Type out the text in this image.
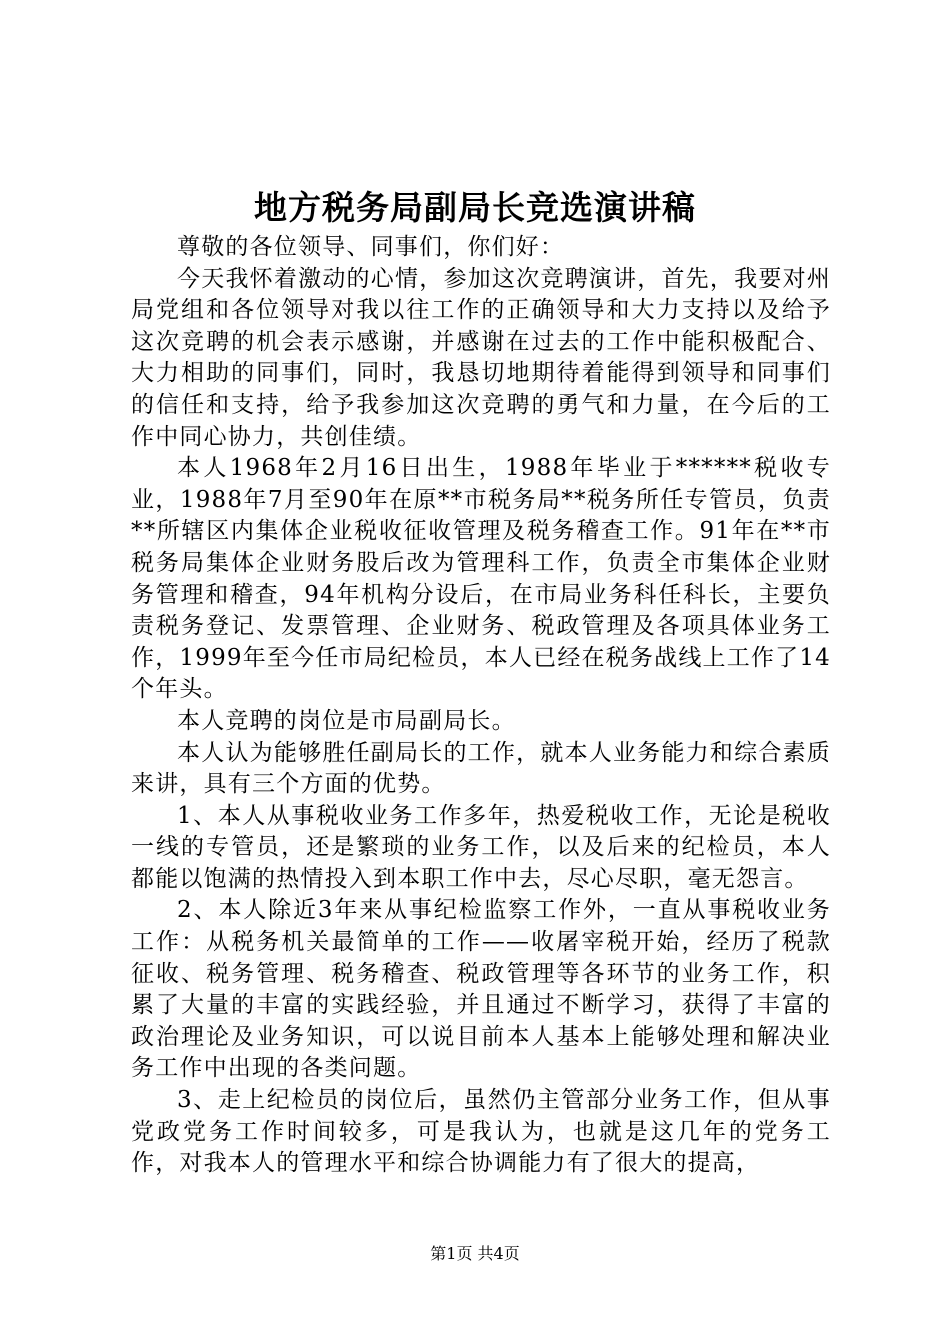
地方税务局副局长竞选演讲稿

尊敬的各位领导、同事们，你们好：

今天我怀着激动的心情，参加这次竞聘演讲，首先，我要对州局党组和各位领导对我以往工作的正确领导和大力支持以及给予这次竞聘的机会表示感谢，并感谢在过去的工作中能积极配合、大力相助的同事们，同时，我恳切地期待着能得到领导和同事们的信任和支持，给予我参加这次竞聘的勇气和力量，在今后的工作中同心协力，共创佳绩。

本人1968年2月16日出生，1988年毕业于******税收专业，1988年7月至90年在原**市税务局**税务所任专管员，负责**所辖区内集体企业税收征收管理及税务稽查工作。91年在**市税务局集体企业财务股后改为管理科工作，负责全市集体企业财务管理和稽查，94年机构分设后，在市局业务科任科长，主要负责税务登记、发票管理、企业财务、税政管理及各项具体业务工作，1999年至今任市局纪检员，本人已经在税务战线上工作了14个年头。

本人竞聘的岗位是市局副局长。

本人认为能够胜任副局长的工作，就本人业务能力和综合素质来讲，具有三个方面的优势。

1、本人从事税收业务工作多年，热爱税收工作，无论是税收一线的专管员，还是繁琐的业务工作，以及后来的纪检员，本人都能以饱满的热情投入到本职工作中去，尽心尽职，毫无怨言。

2、本人除近3年来从事纪检监察工作外，一直从事税收业务工作：从税务机关最简单的工作——收屠宰税开始，经历了税款征收、税务管理、税务稽查、税政管理等各环节的业务工作，积累了大量的丰富的实践经验，并且通过不断学习，获得了丰富的政治理论及业务知识，可以说目前本人基本上能够处理和解决业务工作中出现的各类问题。

3、走上纪检员的岗位后，虽然仍主管部分业务工作，但从事党政党务工作时间较多，可是我认为，也就是这几年的党务工作，对我本人的管理水平和综合协调能力有了很大的提高，

第1页 共4页
